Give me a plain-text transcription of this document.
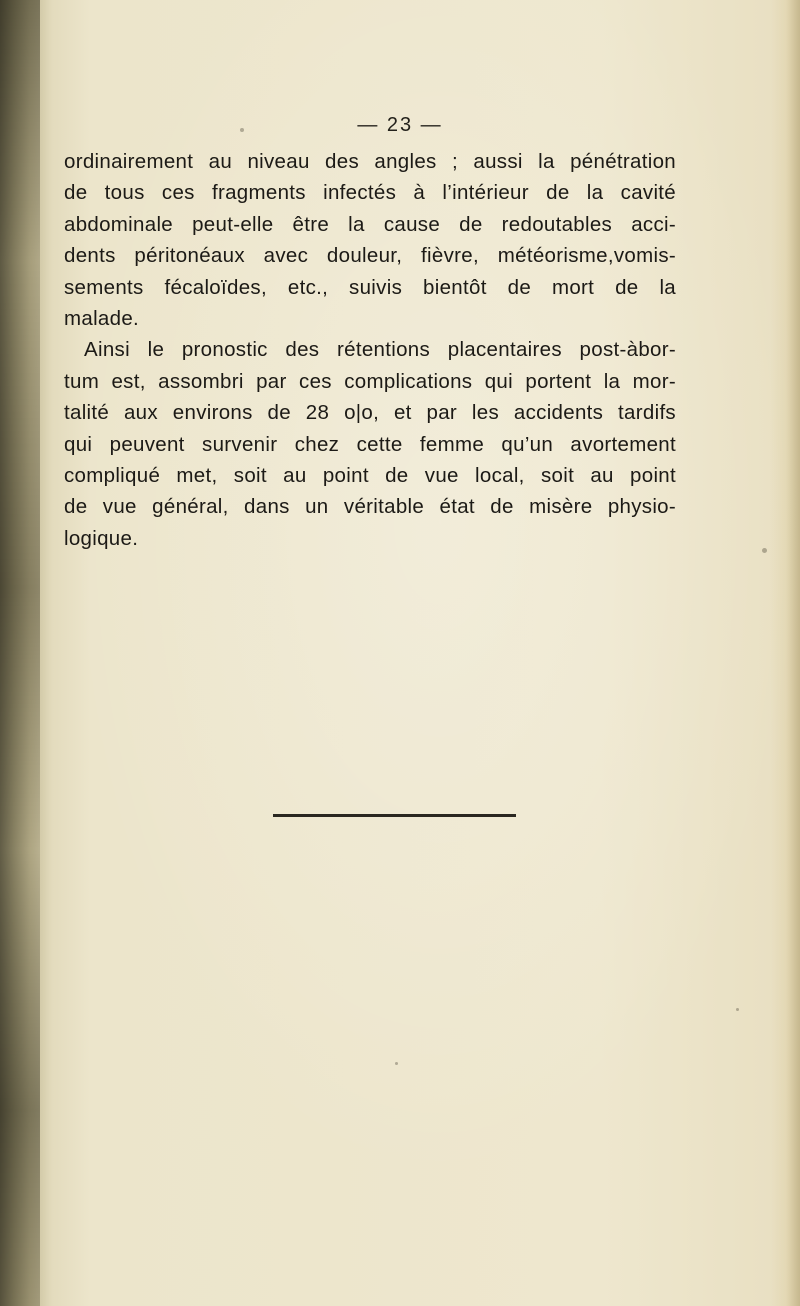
— 23 —
ordinairement au niveau des angles ; aussi la pénétration
de tous ces fragments infectés à l’intérieur de la cavité
abdominale peut-elle être la cause de redoutables acci-
dents péritonéaux avec douleur, fièvre, météorisme,vomis-
sements fécaloïdes, etc., suivis bientôt de mort de la
malade.
Ainsi le pronostic des rétentions placentaires post-àbor-
tum est, assombri par ces complications qui portent la mor-
talité aux environs de 28 o|o, et par les accidents tardifs
qui peuvent survenir chez cette femme qu’un avortement
compliqué met, soit au point de vue local, soit au point
de vue général, dans un véritable état de misère physio-
logique.
